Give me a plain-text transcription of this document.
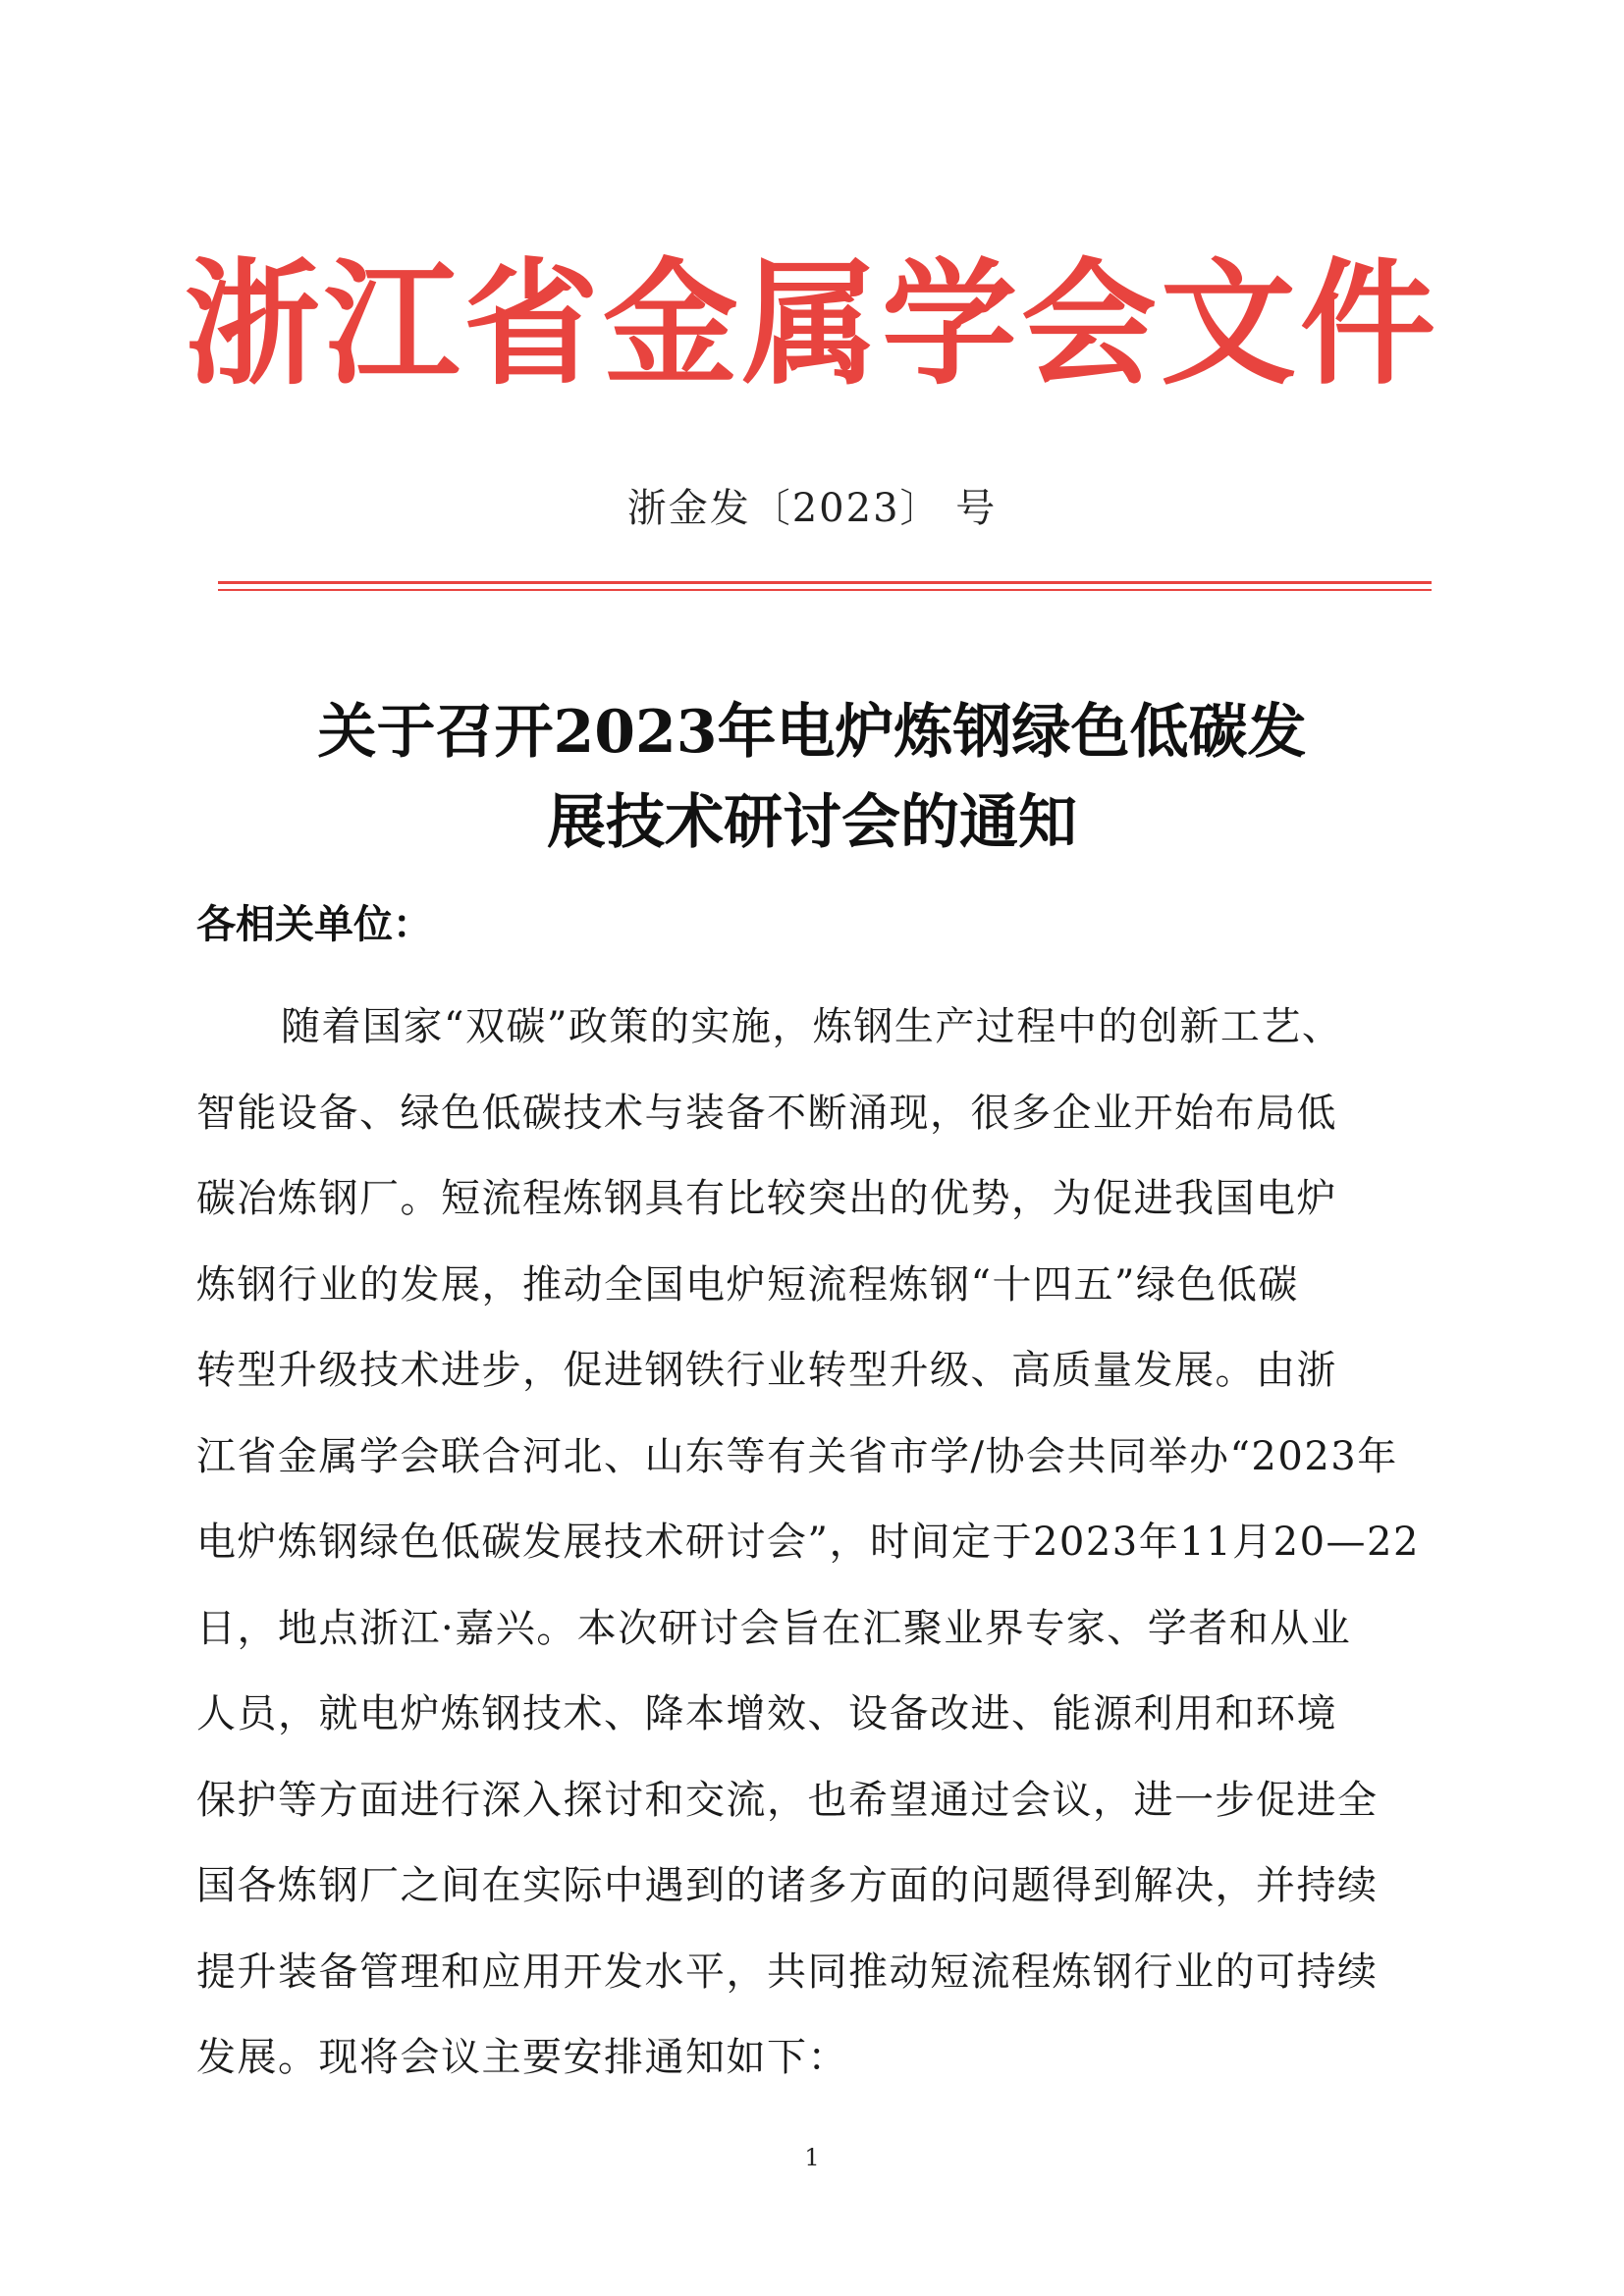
浙江省金属学会文件
浙金发〔2023〕 号
关于召开2023年电炉炼钢绿色低碳发
展技术研讨会的通知
各相关单位：
随着国家“双碳”政策的实施，炼钢生产过程中的创新工艺、
智能设备、绿色低碳技术与装备不断涌现，很多企业开始布局低
碳冶炼钢厂。短流程炼钢具有比较突出的优势，为促进我国电炉
炼钢行业的发展，推动全国电炉短流程炼钢“十四五”绿色低碳
转型升级技术进步，促进钢铁行业转型升级、高质量发展。由浙
江省金属学会联合河北、山东等有关省市学/协会共同举办“2023年
电炉炼钢绿色低碳发展技术研讨会”，时间定于2023年11月20—22
日，地点浙江·嘉兴。本次研讨会旨在汇聚业界专家、学者和从业
人员，就电炉炼钢技术、降本增效、设备改进、能源利用和环境
保护等方面进行深入探讨和交流，也希望通过会议，进一步促进全
国各炼钢厂之间在实际中遇到的诸多方面的问题得到解决，并持续
提升装备管理和应用开发水平，共同推动短流程炼钢行业的可持续
发展。现将会议主要安排通知如下：
1
